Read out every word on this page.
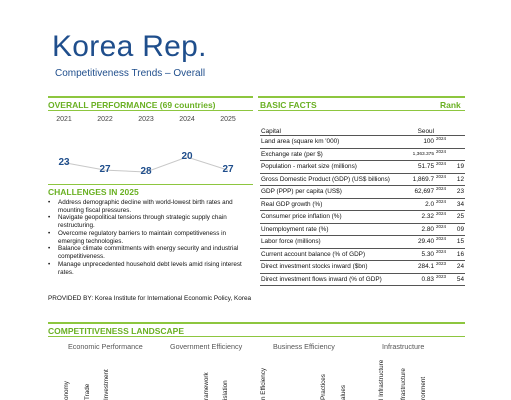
Korea Rep.
Competitiveness Trends – Overall
OVERALL PERFORMANCE (69 countries)
2021	2022	2023	2024	2025
23
27	28
20
27
CHALLENGES IN 2025
• Address demographic decline with world-lowest birth rates and mounting fiscal pressures.
• Navigate geopolitical tensions through strategic supply chain restructuring.
• Overcome regulatory barriers to maintain competitiveness in emerging technologies.
• Balance climate commitments with energy security and industrial competitiveness.
• Manage unprecedented household debt levels amid rising interest rates.
PROVIDED BY: Korea Institute for International Economic Policy, Korea
BASIC FACTS	Rank
Capital	Seoul		
Land area (square km '000)	100	2024	
Exchange rate (per $)	1,363.375	2024	
Population - market size (millions)	51.75	2024	19
Gross Domestic Product (GDP) (US$ billions)	1,869.7	2024	12
GDP (PPP) per capita (US$)	62,697	2024	23
Real GDP growth (%)	2.0	2024	34
Consumer price inflation (%)	2.32	2024	25
Unemployment rate (%)	2.80	2024	09
Labor force (millions)	29.40	2024	15
Current account balance (% of GDP)	5.30	2024	16
Direct investment stocks inward ($bn)	284.1	2023	24
Direct investment flows inward (% of GDP)	0.83	2023	54
COMPETITIVENESS LANDSCAPE
Economic Performance	Government Efficiency	Business Efficiency	Infrastructure
onomy Trade Investment	ramework islation	n Efficiency	Practices alues	l Infrastructure frastructure ronment
